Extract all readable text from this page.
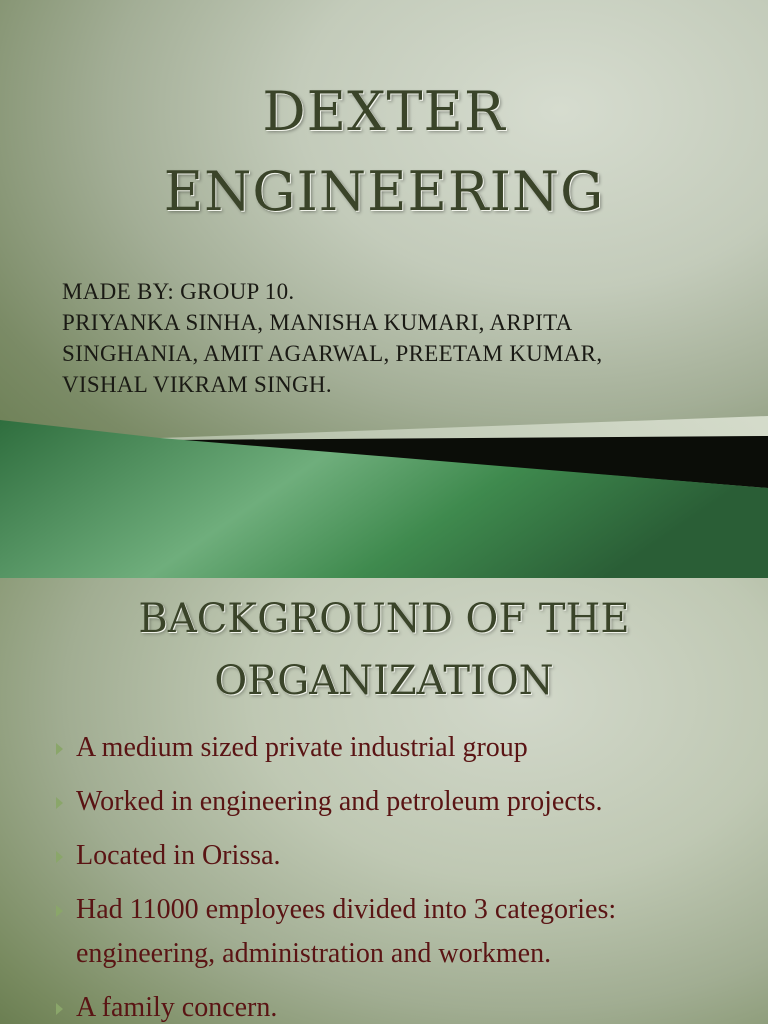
DEXTER
ENGINEERING
MADE BY: GROUP 10.
PRIYANKA SINHA, MANISHA KUMARI, ARPITA
SINGHANIA, AMIT AGARWAL, PREETAM KUMAR,
VISHAL VIKRAM SINGH.
BACKGROUND OF THE
ORGANIZATION
A medium sized private industrial group
Worked in engineering and petroleum projects.
Located in Orissa.
Had 11000 employees divided into 3 categories: engineering, administration and workmen.
A family concern.
